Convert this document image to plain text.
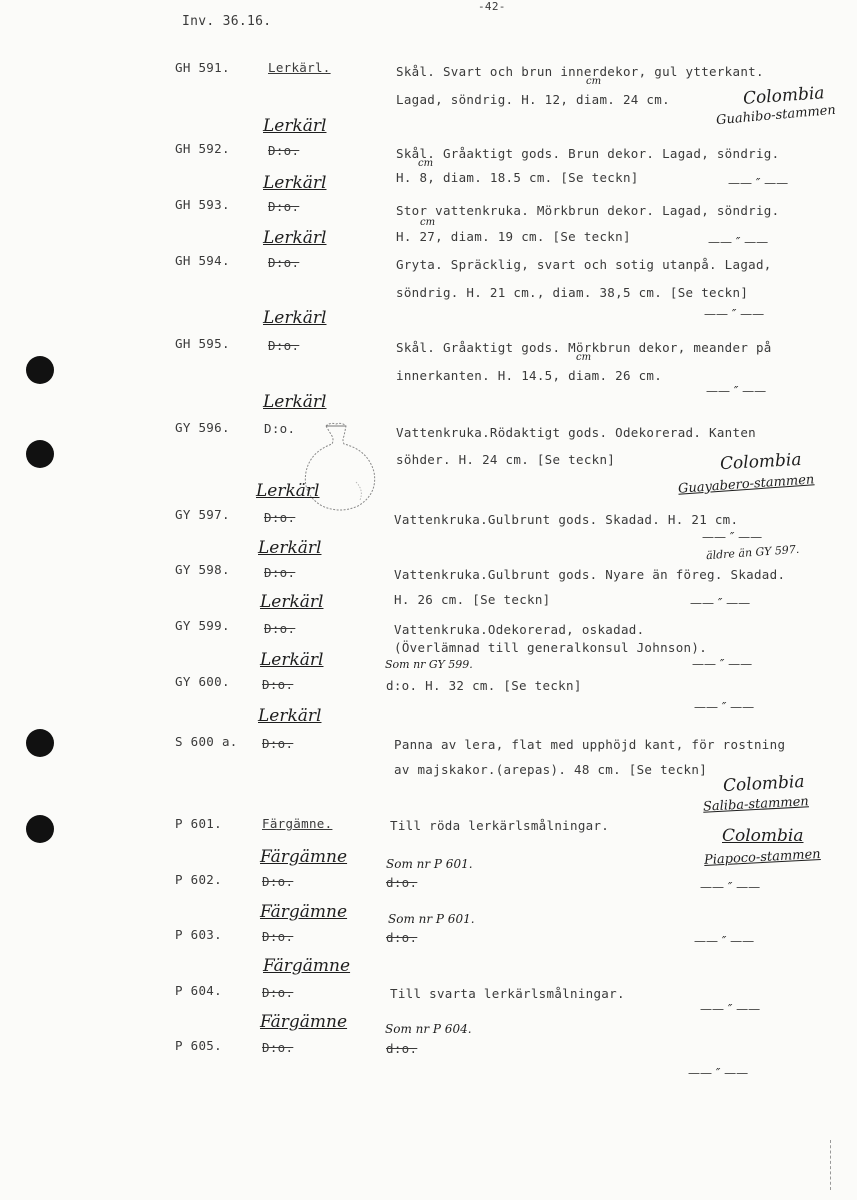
Inv. 36.16.
-42-
GH 591.	Lerkärl.	Skål. Svart och brun innerdekor, gul ytterkant.
Lagad, söndrig. H. 12, diam. 24 cm.
cm
Colombia
Guahibo-stammen
Lerkärl
GH 592.	D:o.	Skål. Gråaktigt gods. Brun dekor. Lagad, söndrig.
H. 8, diam. 18.5 cm. [Se teckn]
cm
—— ″ ——
Lerkärl
GH 593.	D:o.	Stor vattenkruka. Mörkbrun dekor. Lagad, söndrig.
H. 27, diam. 19 cm. [Se teckn]
cm
—— ″ ——
Lerkärl
GH 594.	D:o.	Gryta. Spräcklig, svart och sotig utanpå. Lagad,
söndrig. H. 21 cm., diam. 38,5 cm. [Se teckn]
—— ″ ——
Lerkärl
GH 595.	D:o.	Skål. Gråaktigt gods. Mörkbrun dekor, meander på
innerkanten. H. 14.5, diam. 26 cm.
cm
—— ″ ——
Lerkärl
GY 596.	D:o.	Vattenkruka.Rödaktigt gods. Odekorerad. Kanten
söhder. H. 24 cm. [Se teckn]	Colombia
Guayabero-stammen
Lerkärl
GY 597.	D:o.	Vattenkruka.Gulbrunt gods. Skadad. H. 21 cm.
—— ″ ——
Lerkärl	äldre än GY 597.
GY 598.	D:o.	Vattenkruka.Gulbrunt gods. Nyare än föreg. Skadad.
H. 26 cm. [Se teckn]	—— ″ ——
Lerkärl
GY 599.	D:o.	Vattenkruka.Odekorerad, oskadad.
(Överlämnad till generalkonsul Johnson).
—— ″ ——
Lerkärl	Som nr GY 599.
GY 600.	D:o.	d:o. H. 32 cm. [Se teckn]
—— ″ ——
Lerkärl
S 600 a. D:o.	Panna av lera, flat med upphöjd kant, för rostning
av majskakor.(arepas). 48 cm. [Se teckn]
Colombia
Saliba-stammen
P 601.	Färgämne.	Till röda lerkärlsmålningar.
Colombia
Piapoco-stammen
Färgämne	Som nr P 601.
P 602.	D:o.	d:o.	—— ″ ——
Färgämne	Som nr P 601.
P 603.	D:o.	d:o.	—— ″ ——
Färgämne
P 604.	D:o.	Till svarta lerkärlsmålningar.
—— ″ ——
Färgämne	Som nr P 604.
P 605.	D:o.	d:o.
—— ″ ——
